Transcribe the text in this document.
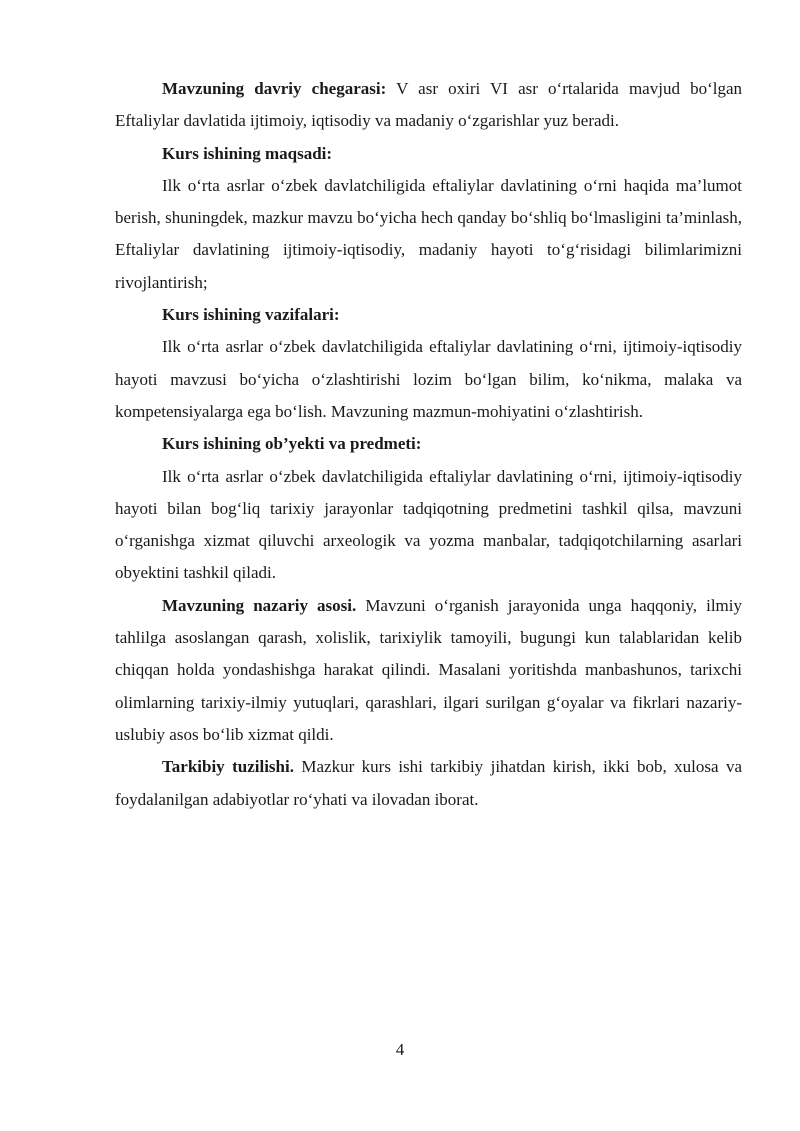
Mavzuning davriy chegarasi: V asr oxiri VI asr o‘rtalarida mavjud bo‘lgan Eftaliylar davlatida ijtimoiy, iqtisodiy va madaniy o‘zgarishlar yuz beradi.

Kurs ishining maqsadi:

Ilk o‘rta asrlar o‘zbek davlatchiligida eftaliylar davlatining o‘rni haqida ma’lumot berish, shuningdek, mazkur mavzu bo‘yicha hech qanday bo‘shliq bo‘lmasligini ta’minlash, Eftaliylar davlatining ijtimoiy-iqtisodiy, madaniy hayoti to‘g‘risidagi bilimlarimizni rivojlantirish;

Kurs ishining vazifalari:

Ilk o‘rta asrlar o‘zbek davlatchiligida eftaliylar davlatining o‘rni, ijtimoiy-iqtisodiy hayoti mavzusi bo‘yicha o‘zlashtirishi lozim bo‘lgan bilim, ko‘nikma, malaka va kompetensiyalarga ega bo‘lish. Mavzuning mazmun-mohiyatini o‘zlashtirish.

Kurs ishining ob’yekti va predmeti:

Ilk o‘rta asrlar o‘zbek davlatchiligida eftaliylar davlatining o‘rni, ijtimoiy-iqtisodiy hayoti bilan bog‘liq tarixiy jarayonlar tadqiqotning predmetini tashkil qilsa, mavzuni o‘rganishga xizmat qiluvchi arxeologik va yozma manbalar, tadqiqotchilarning asarlari obyektini tashkil qiladi.

Mavzuning nazariy asosi. Mavzuni o‘rganish jarayonida unga haqqoniy, ilmiy tahlilga asoslangan qarash, xolislik, tarixiylik tamoyili, bugungi kun talablaridan kelib chiqqan holda yondashishga harakat qilindi. Masalani yoritishda manbashunos, tarixchi olimlarning tarixiy-ilmiy yutuqlari, qarashlari, ilgari surilgan g‘oyalar va fikrlari nazariy- uslubiy asos bo‘lib xizmat qildi.

Tarkibiy tuzilishi. Mazkur kurs ishi tarkibiy jihatdan kirish, ikki bob, xulosa va foydalanilgan adabiyotlar ro‘yhati va ilovadan iborat.

4
